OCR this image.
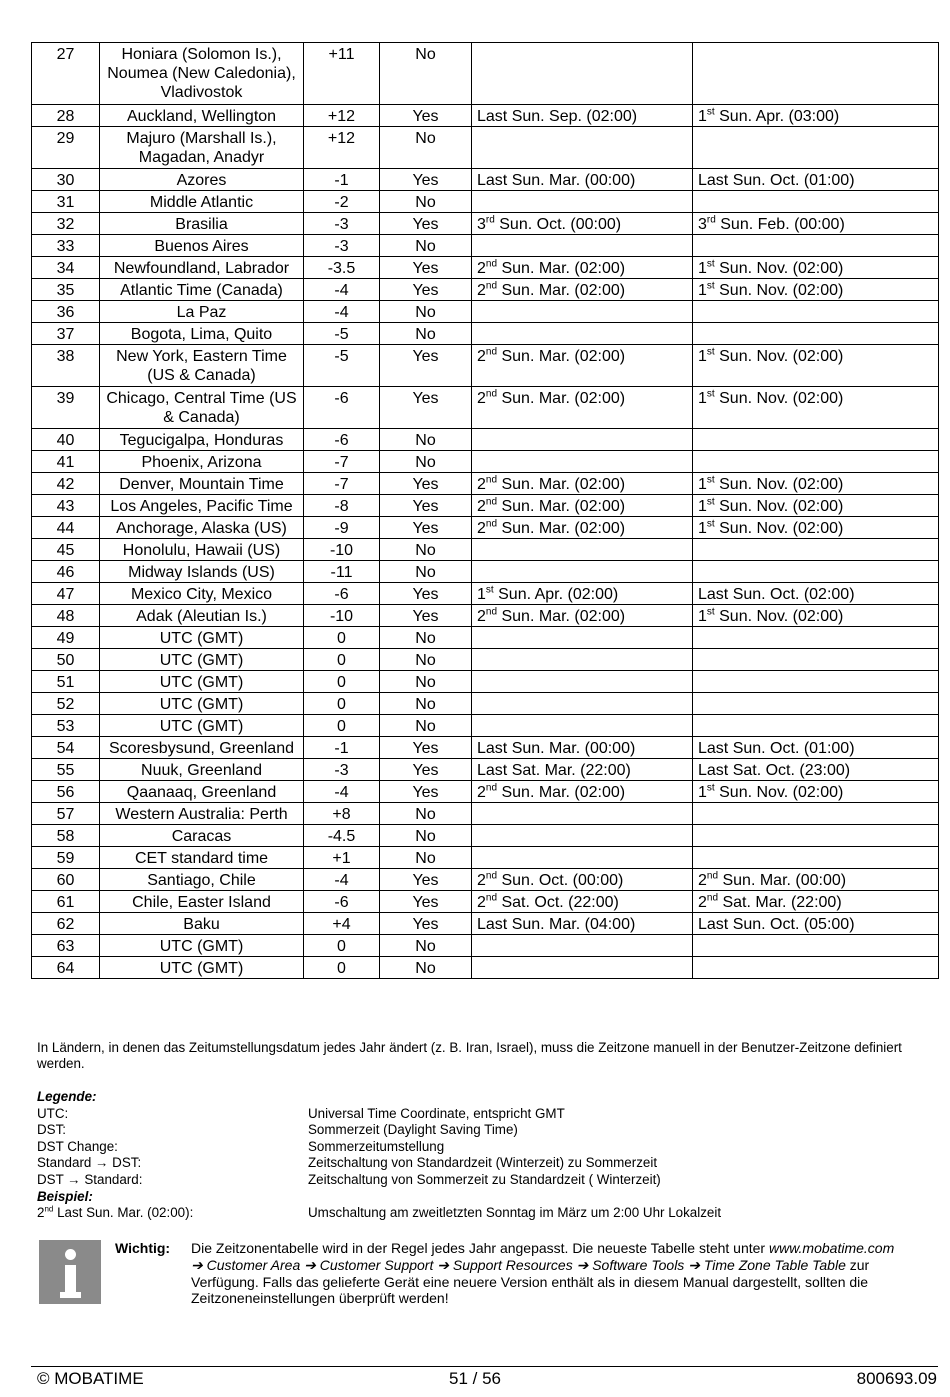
27	Honiara (Solomon Is.), Noumea (New Caledonia), Vladivostok	+11	No		
28	Auckland, Wellington	+12	Yes	Last Sun. Sep. (02:00)	1st Sun. Apr. (03:00)
29	Majuro (Marshall Is.), Magadan, Anadyr	+12	No		
30	Azores	-1	Yes	Last Sun. Mar. (00:00)	Last Sun. Oct. (01:00)
31	Middle Atlantic	-2	No		
32	Brasilia	-3	Yes	3rd Sun. Oct. (00:00)	3rd Sun. Feb. (00:00)
33	Buenos Aires	-3	No		
34	Newfoundland, Labrador	-3.5	Yes	2nd Sun. Mar. (02:00)	1st Sun. Nov. (02:00)
35	Atlantic Time (Canada)	-4	Yes	2nd Sun. Mar. (02:00)	1st Sun. Nov. (02:00)
36	La Paz	-4	No		
37	Bogota, Lima, Quito	-5	No		
38	New York, Eastern Time (US & Canada)	-5	Yes	2nd Sun. Mar. (02:00)	1st Sun. Nov. (02:00)
39	Chicago, Central Time (US & Canada)	-6	Yes	2nd Sun. Mar. (02:00)	1st Sun. Nov. (02:00)
40	Tegucigalpa, Honduras	-6	No		
41	Phoenix, Arizona	-7	No		
42	Denver, Mountain Time	-7	Yes	2nd Sun. Mar. (02:00)	1st Sun. Nov. (02:00)
43	Los Angeles, Pacific Time	-8	Yes	2nd Sun. Mar. (02:00)	1st Sun. Nov. (02:00)
44	Anchorage, Alaska (US)	-9	Yes	2nd Sun. Mar. (02:00)	1st Sun. Nov. (02:00)
45	Honolulu, Hawaii (US)	-10	No		
46	Midway Islands (US)	-11	No		
47	Mexico City, Mexico	-6	Yes	1st Sun. Apr. (02:00)	Last Sun. Oct. (02:00)
48	Adak (Aleutian Is.)	-10	Yes	2nd Sun. Mar. (02:00)	1st Sun. Nov. (02:00)
49	UTC (GMT)	0	No		
50	UTC (GMT)	0	No		
51	UTC (GMT)	0	No		
52	UTC (GMT)	0	No		
53	UTC (GMT)	0	No		
54	Scoresbysund, Greenland	-1	Yes	Last Sun. Mar. (00:00)	Last Sun. Oct. (01:00)
55	Nuuk, Greenland	-3	Yes	Last Sat. Mar. (22:00)	Last Sat. Oct. (23:00)
56	Qaanaaq, Greenland	-4	Yes	2nd Sun. Mar. (02:00)	1st Sun. Nov. (02:00)
57	Western Australia: Perth	+8	No		
58	Caracas	-4.5	No		
59	CET standard time	+1	No		
60	Santiago, Chile	-4	Yes	2nd Sun. Oct. (00:00)	2nd Sun. Mar. (00:00)
61	Chile, Easter Island	-6	Yes	2nd Sat. Oct. (22:00)	2nd Sat. Mar. (22:00)
62	Baku	+4	Yes	Last Sun. Mar. (04:00)	Last Sun. Oct. (05:00)
63	UTC (GMT)	0	No		
64	UTC (GMT)	0	No		
In Ländern, in denen das Zeitumstellungsdatum jedes Jahr ändert (z. B. Iran, Israel), muss die Zeitzone manuell in der Benutzer-Zeitzone definiert werden.
Legende:
UTC:	Universal Time Coordinate, entspricht GMT
DST:	Sommerzeit (Daylight Saving Time)
DST Change:	Sommerzeitumstellung
Standard → DST:	Zeitschaltung von Standardzeit (Winterzeit) zu Sommerzeit
DST → Standard:	Zeitschaltung von Sommerzeit zu Standardzeit ( Winterzeit)
Beispiel:
2nd Last Sun. Mar. (02:00):	Umschaltung am zweitletzten Sonntag im März um 2:00 Uhr Lokalzeit
Wichtig: Die Zeitzonentabelle wird in der Regel jedes Jahr angepasst. Die neueste Tabelle steht unter www.mobatime.com
➔ Customer Area ➔ Customer Support ➔ Support Resources ➔ Software Tools ➔ Time Zone Table Table zur Verfügung. Falls das gelieferte Gerät eine neuere Version enthält als in diesem Manual dargestellt, sollten die Zeitzoneneinstellungen überprüft werden!
© MOBATIME	51 / 56	800693.09
